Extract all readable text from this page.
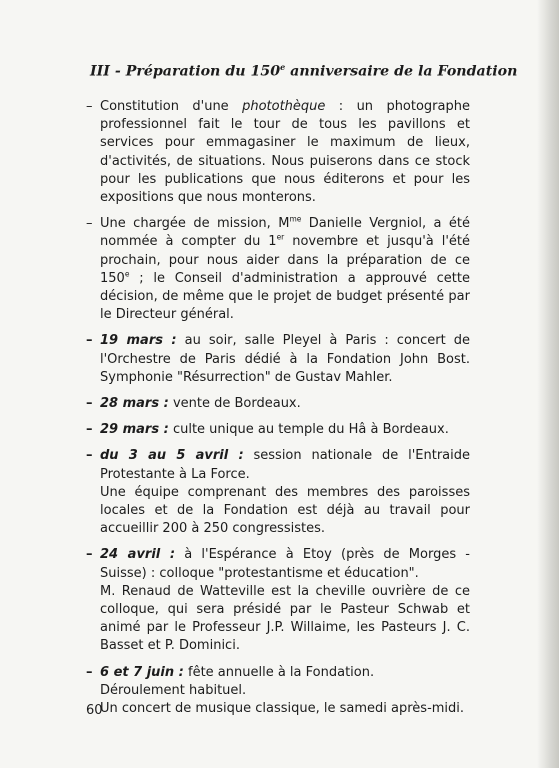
III - Préparation du 150e anniversaire de la Fondation
– Constitution d'une photothèque : un photographe professionnel fait le tour de tous les pavillons et services pour emmagasiner le maximum de lieux, d'activités, de situations. Nous puiserons dans ce stock pour les publications que nous éditerons et pour les expositions que nous monterons.
– Une chargée de mission, $M^{me}$ Danielle Vergniol, a été nommée à compter du 1er novembre et jusqu'à l'été prochain, pour nous aider dans la préparation de ce 150e ; le Conseil d'administration a approuvé cette décision, de même que le projet de budget présenté par le Directeur général.
– 19 mars : au soir, salle Pleyel à Paris : concert de l'Orchestre de Paris dédié à la Fondation John Bost. Symphonie "Résurrection" de Gustav Mahler.
– 28 mars : vente de Bordeaux.
– 29 mars : culte unique au temple du Hâ à Bordeaux.
– du 3 au 5 avril : session nationale de l'Entraide Protestante à La Force.
Une équipe comprenant des membres des paroisses locales et de la Fondation est déjà au travail pour accueillir 200 à 250 congressistes.
– 24 avril : à l'Espérance à Etoy (près de Morges - Suisse) : colloque "protestantisme et éducation".
M. Renaud de Watteville est la cheville ouvrière de ce colloque, qui sera présidé par le Pasteur Schwab et animé par le Professeur J.P. Willaime, les Pasteurs J. C. Basset et P. Dominici.
– 6 et 7 juin : fête annuelle à la Fondation.
Déroulement habituel.
Un concert de musique classique, le samedi après-midi.
60
